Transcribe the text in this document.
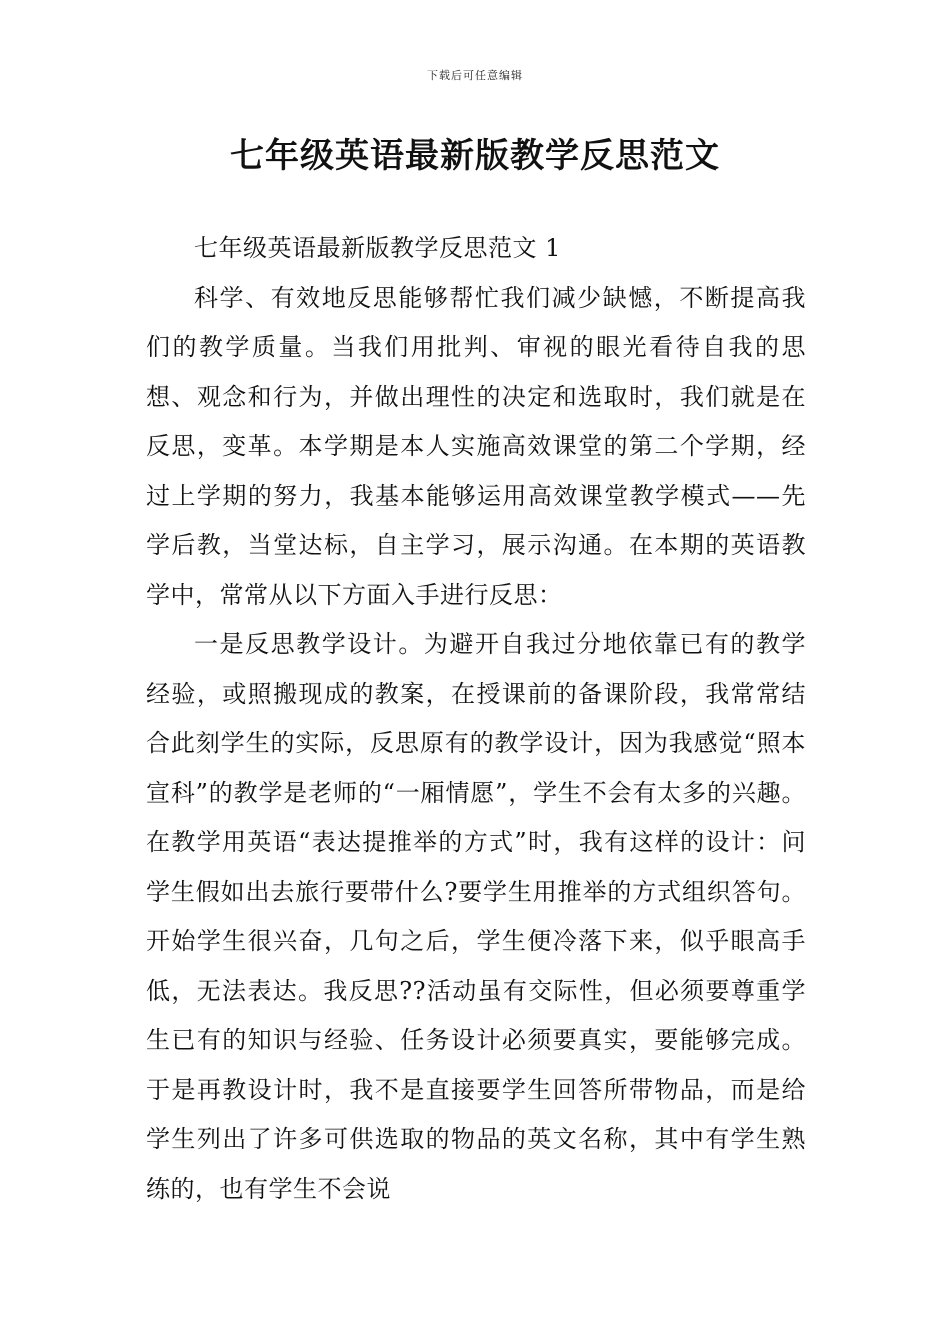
下载后可任意编辑
七年级英语最新版教学反思范文

七年级英语最新版教学反思范文 1

科学、有效地反思能够帮忙我们减少缺憾，不断提高我们的教学质量。当我们用批判、审视的眼光看待自我的思想、观念和行为，并做出理性的决定和选取时，我们就是在反思，变革。本学期是本人实施高效课堂的第二个学期，经过上学期的努力，我基本能够运用高效课堂教学模式——先学后教，当堂达标，自主学习，展示沟通。在本期的英语教学中，常常从以下方面入手进行反思：

一是反思教学设计。为避开自我过分地依靠已有的教学经验，或照搬现成的教案，在授课前的备课阶段，我常常结合此刻学生的实际，反思原有的教学设计，因为我感觉“照本宣科”的教学是老师的“一厢情愿”，学生不会有太多的兴趣。在教学用英语“表达提推举的方式”时，我有这样的设计：问学生假如出去旅行要带什么?要学生用推举的方式组织答句。开始学生很兴奋，几句之后，学生便冷落下来，似乎眼高手低，无法表达。我反思??活动虽有交际性，但必须要尊重学生已有的知识与经验、任务设计必须要真实，要能够完成。于是再教设计时，我不是直接要学生回答所带物品，而是给学生列出了许多可供选取的物品的英文名称，其中有学生熟练的，也有学生不会说
